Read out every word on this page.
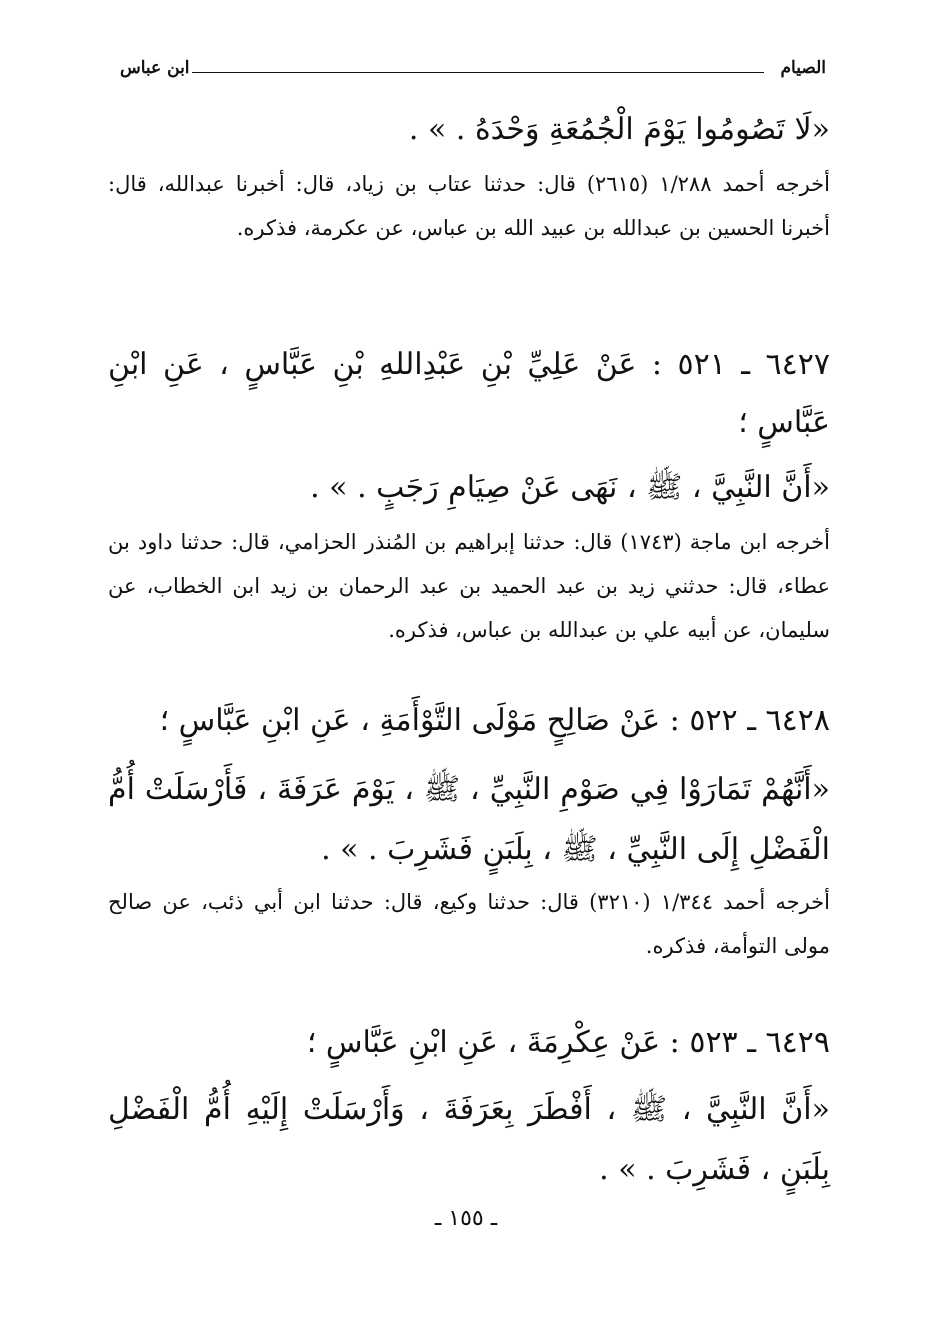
الصيام
ابن عباس
«لَا تَصُومُوا يَوْمَ الْجُمُعَةِ وَحْدَهُ . » .
أخرجه أحمد ١/٢٨٨ (٢٦١٥) قال: حدثنا عتاب بن زياد، قال: أخبرنا عبدالله، قال: أخبرنا الحسين بن عبدالله بن عبيد الله بن عباس، عن عكرمة، فذكره.
٦٤٢٧ ـ ٥٢١ : عَنْ عَلِيِّ بْنِ عَبْدِاللهِ بْنِ عَبَّاسٍ ، عَنِ ابْنِ عَبَّاسٍ ؛
«أَنَّ النَّبِيَّ ، ﷺ ، نَهَى عَنْ صِيَامِ رَجَبٍ . » .
أخرجه ابن ماجة (١٧٤٣) قال: حدثنا إبراهيم بن المُنذر الحزامي، قال: حدثنا داود بن عطاء، قال: حدثني زيد بن عبد الحميد بن عبد الرحمان بن زيد ابن الخطاب، عن سليمان، عن أبيه علي بن عبدالله بن عباس، فذكره.
٦٤٢٨ ـ ٥٢٢ : عَنْ صَالِحٍ مَوْلَى التَّوْأَمَةِ ، عَنِ ابْنِ عَبَّاسٍ ؛
«أَنَّهُمْ تَمَارَوْا فِي صَوْمِ النَّبِيِّ ، ﷺ ، يَوْمَ عَرَفَةَ ، فَأَرْسَلَتْ أُمُّ الْفَضْلِ إِلَى النَّبِيِّ ، ﷺ ، بِلَبَنٍ فَشَرِبَ . » .
أخرجه أحمد ١/٣٤٤ (٣٢١٠) قال: حدثنا وكيع، قال: حدثنا ابن أبي ذئب، عن صالح مولى التوأمة، فذكره.
٦٤٢٩ ـ ٥٢٣ : عَنْ عِكْرِمَةَ ، عَنِ ابْنِ عَبَّاسٍ ؛
«أَنَّ النَّبِيَّ ، ﷺ ، أَفْطَرَ بِعَرَفَةَ ، وَأَرْسَلَتْ إِلَيْهِ أُمُّ الْفَضْلِ بِلَبَنٍ ، فَشَرِبَ . » .
ـ ١٥٥ ـ
